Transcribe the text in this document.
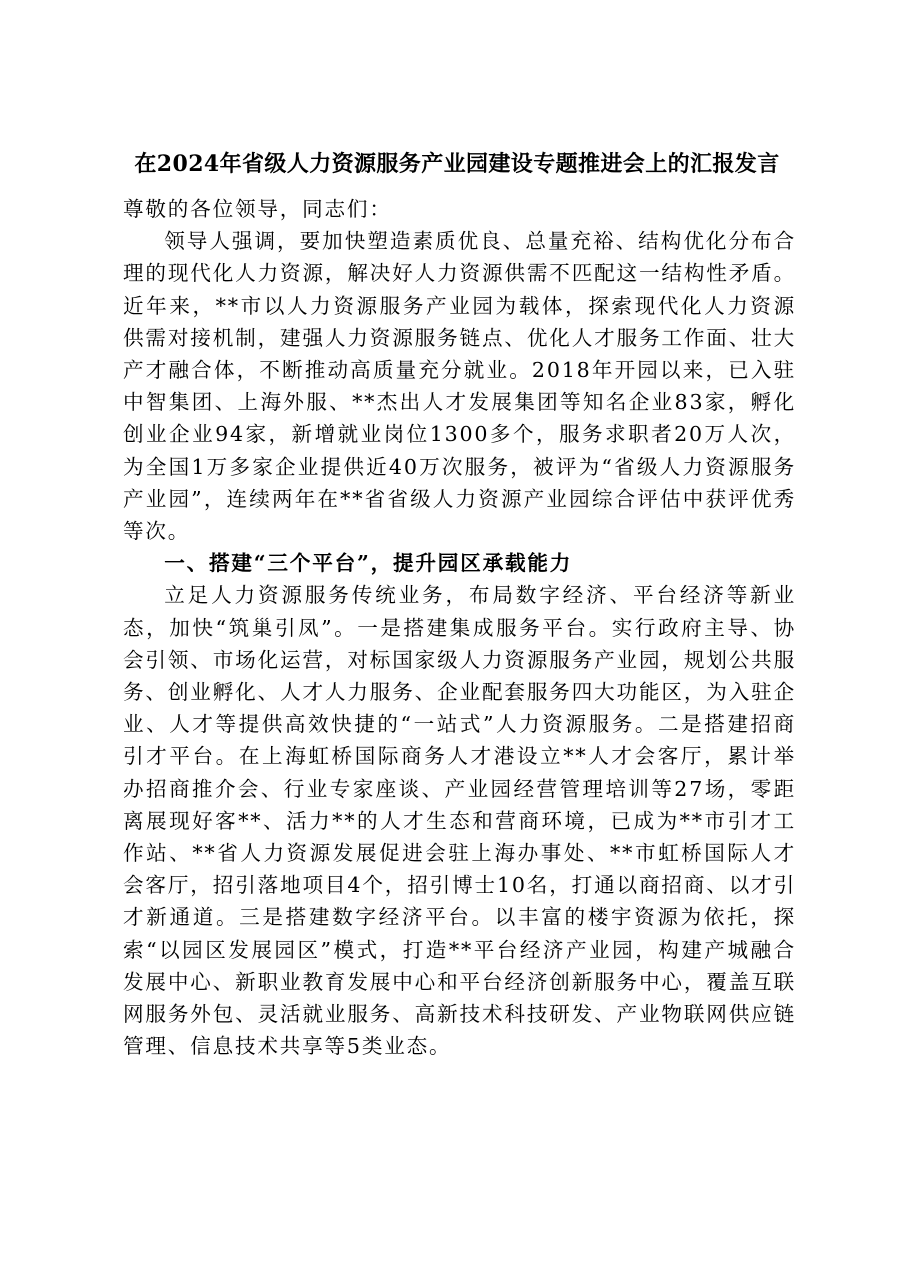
在2024年省级人力资源服务产业园建设专题推进会上的汇报发言

尊敬的各位领导，同志们：

领导人强调，要加快塑造素质优良、总量充裕、结构优化分布合理的现代化人力资源，解决好人力资源供需不匹配这一结构性矛盾。近年来，**市以人力资源服务产业园为载体，探索现代化人力资源供需对接机制，建强人力资源服务链点、优化人才服务工作面、壮大产才融合体，不断推动高质量充分就业。2018年开园以来，已入驻中智集团、上海外服、**杰出人才发展集团等知名企业83家，孵化创业企业94家，新增就业岗位1300多个，服务求职者20万人次，为全国1万多家企业提供近40万次服务，被评为“省级人力资源服务产业园”，连续两年在**省省级人力资源产业园综合评估中获评优秀等次。

一、搭建“三个平台”，提升园区承载能力

立足人力资源服务传统业务，布局数字经济、平台经济等新业态，加快“筑巢引凤”。一是搭建集成服务平台。实行政府主导、协会引领、市场化运营，对标国家级人力资源服务产业园，规划公共服务、创业孵化、人才人力服务、企业配套服务四大功能区，为入驻企业、人才等提供高效快捷的“一站式”人力资源服务。二是搭建招商引才平台。在上海虹桥国际商务人才港设立**人才会客厅，累计举办招商推介会、行业专家座谈、产业园经营管理培训等27场，零距离展现好客**、活力**的人才生态和营商环境，已成为**市引才工作站、**省人力资源发展促进会驻上海办事处、**市虹桥国际人才会客厅，招引落地项目4个，招引博士10名，打通以商招商、以才引才新通道。三是搭建数字经济平台。以丰富的楼宇资源为依托，探索“以园区发展园区”模式，打造**平台经济产业园，构建产城融合发展中心、新职业教育发展中心和平台经济创新服务中心，覆盖互联网服务外包、灵活就业服务、高新技术科技研发、产业物联网供应链管理、信息技术共享等5类业态。
